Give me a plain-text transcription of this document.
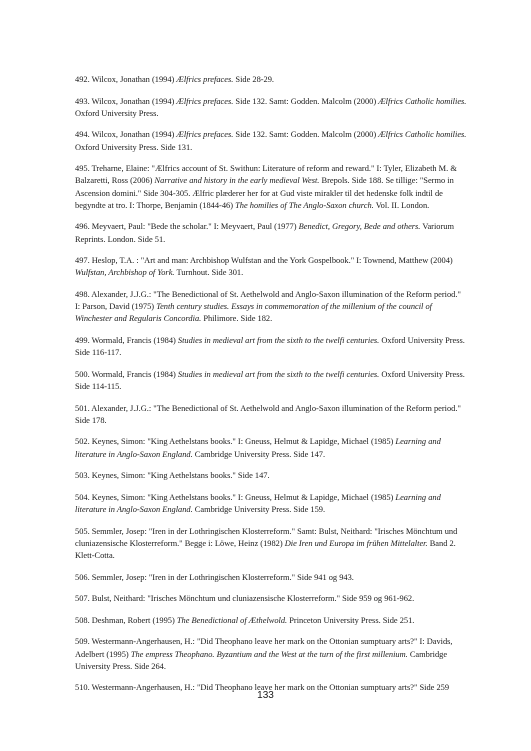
492. Wilcox, Jonathan (1994) Ælfrics prefaces. Side 28-29.

493. Wilcox, Jonathan (1994) Ælfrics prefaces. Side 132. Samt: Godden. Malcolm (2000) Ælfrics Catholic homilies. Oxford University Press.

494. Wilcox, Jonathan (1994) Ælfrics prefaces. Side 132. Samt: Godden. Malcolm (2000) Ælfrics Catholic homilies. Oxford University Press. Side 131.

495. Treharne, Elaine: "Ælfrics account of St. Swithun: Literature of reform and reward." I: Tyler, Elizabeth M. & Balzaretti, Ross (2006) Narrative and history in the early medieval West. Brepols. Side 188. Se tillige: "Sermo in Ascension domini." Side 304-305. Ælfric plæderer her for at Gud viste mirakler til det hedenske folk indtil de begyndte at tro. I: Thorpe, Benjamin (1844-46) The homilies of The Anglo-Saxon church. Vol. II. London.

496. Meyvaert, Paul: "Bede the scholar." I: Meyvaert, Paul (1977) Benedict, Gregory, Bede and others. Variorum Reprints. London. Side 51.

497. Heslop, T.A. : "Art and man: Archbishop Wulfstan and the York Gospelbook." I: Townend, Matthew (2004) Wulfstan, Archbishop of York. Turnhout. Side 301.

498. Alexander, J.J.G.: "The Benedictional of St. Aethelwold and Anglo-Saxon illumination of the Reform period." I: Parson, David (1975) Tenth century studies. Essays in commemoration of the millenium of the council of Winchester and Regularis Concordia. Philimore. Side 182.

499. Wormald, Francis (1984) Studies in medieval art from the sixth to the twelfi centuries. Oxford University Press. Side 116-117.

500. Wormald, Francis (1984) Studies in medieval art from the sixth to the twelfi centuries. Oxford University Press. Side 114-115.

501. Alexander, J.J.G.: "The Benedictional of St. Aethelwold and Anglo-Saxon illumination of the Reform period." Side 178.

502. Keynes, Simon: "King Aethelstans books." I: Gneuss, Helmut & Lapidge, Michael (1985) Learning and literature in Anglo-Saxon England. Cambridge University Press. Side 147.

503. Keynes, Simon: "King Aethelstans books." Side 147.

504. Keynes, Simon: "King Aethelstans books." I: Gneuss, Helmut & Lapidge, Michael (1985) Learning and literature in Anglo-Saxon England. Cambridge University Press. Side 159.

505. Semmler, Josep: "Iren in der Lothringischen Klosterreform." Samt: Bulst, Neithard: "Irisches Mönchtum und cluniazensische Klosterreform." Begge i: Löwe, Heinz (1982) Die Iren und Europa im frühen Mittelalter. Band 2. Klett-Cotta.

506. Semmler, Josep: "Iren in der Lothringischen Klosterreform." Side 941 og 943.

507. Bulst, Neithard: "Irisches Mönchtum und cluniazensische Klosterreform." Side 959 og 961-962.

508. Deshman, Robert (1995) The Benedictional of Æthelwold. Princeton University Press. Side 251.

509. Westermann-Angerhausen, H.: "Did Theophano leave her mark on the Ottonian sumptuary arts?" I: Davids, Adelbert (1995) The empress Theophano. Byzantium and the West at the turn of the first millenium. Cambridge University Press. Side 264.

510. Westermann-Angerhausen, H.: "Did Theophano leave her mark on the Ottonian sumptuary arts?" Side 259

133
